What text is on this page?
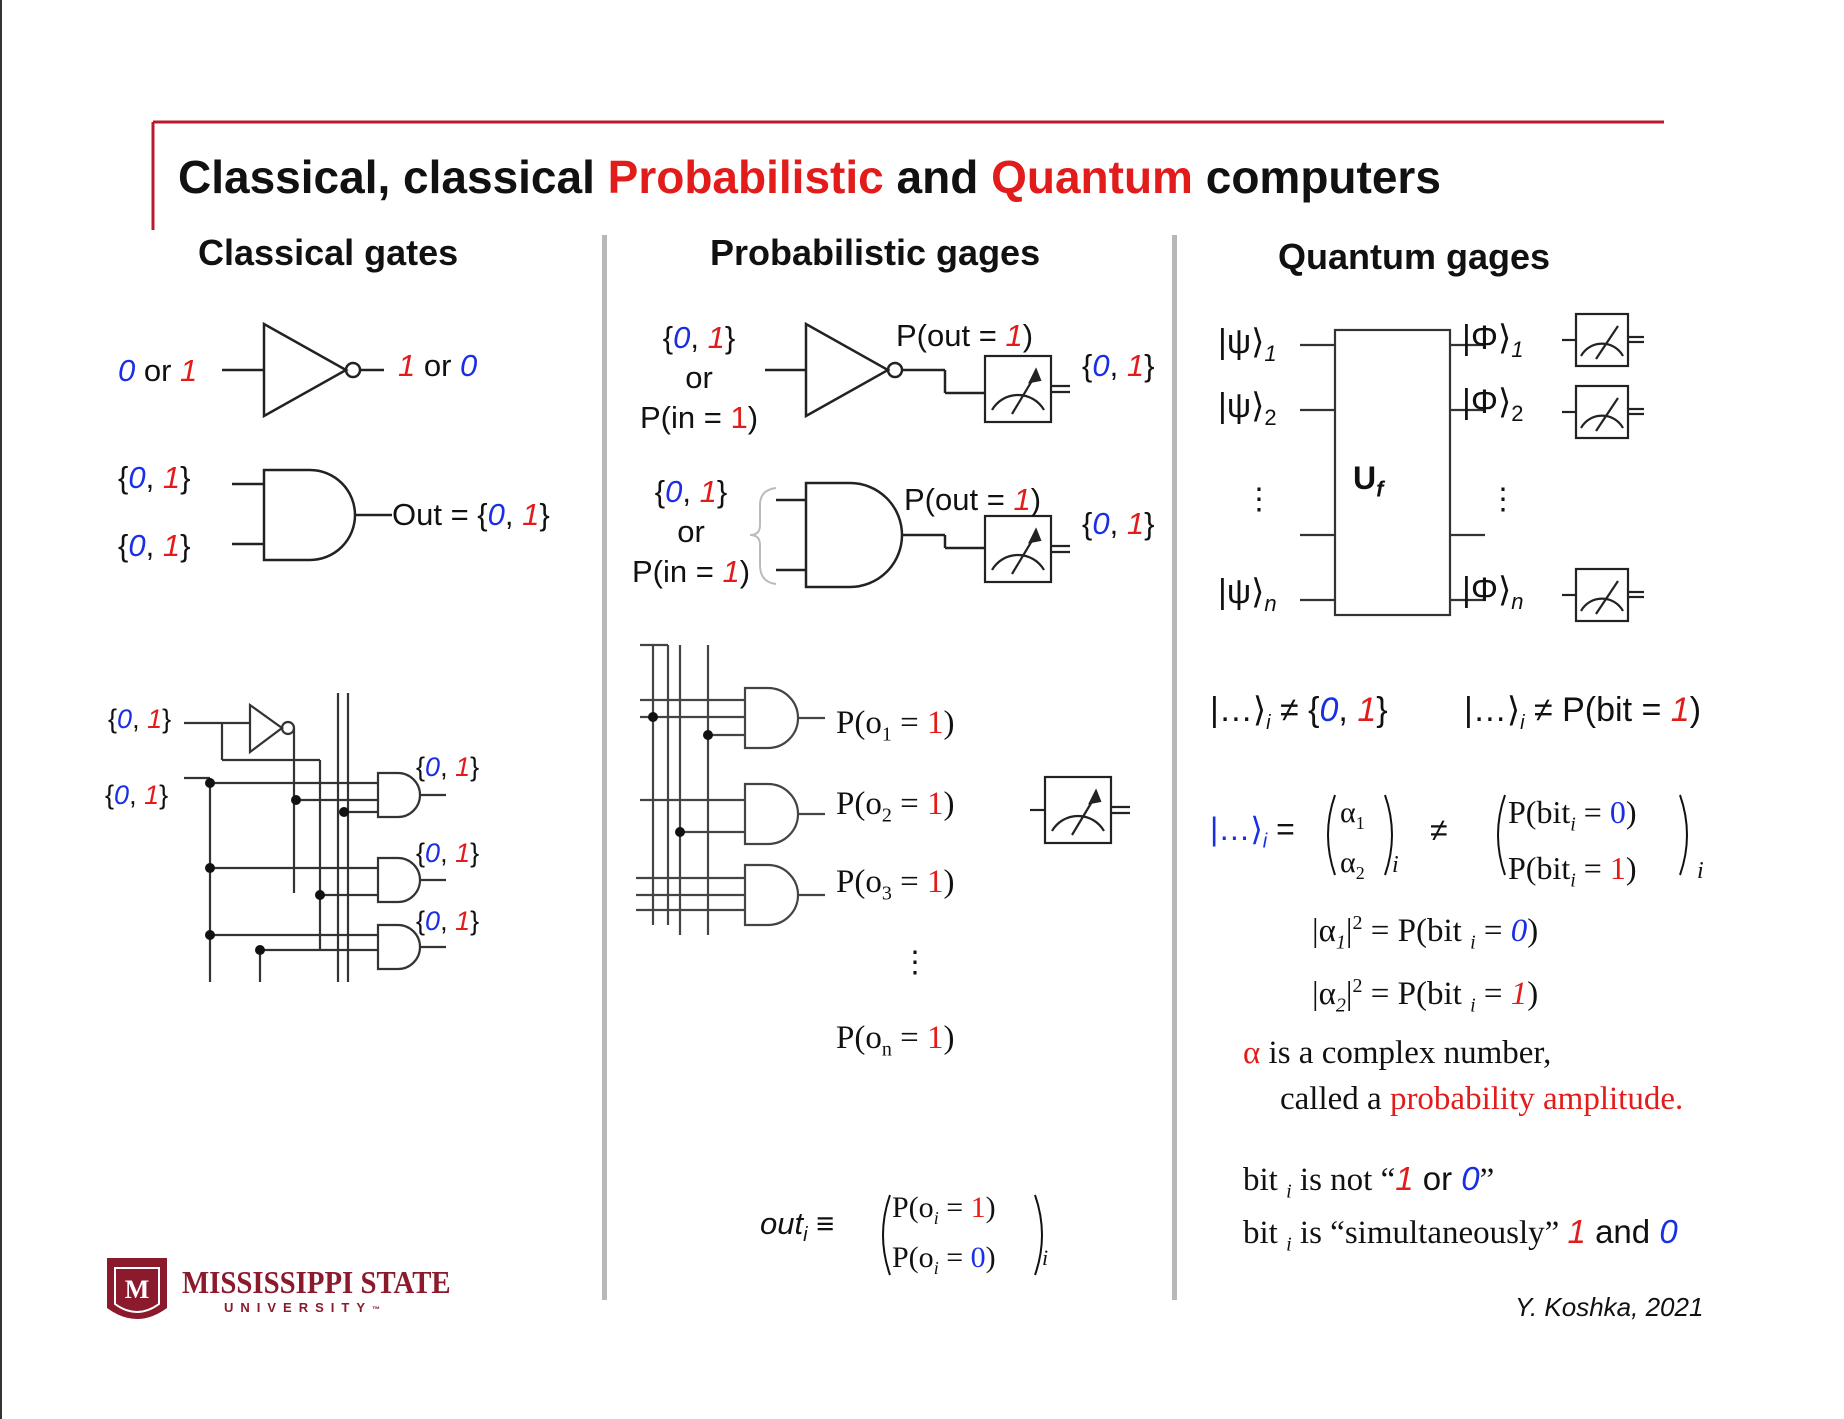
M
Classical, classical Probabilistic and Quantum computers
Classical gates	Probabilistic gages	Quantum gages
0 or 1	1 or 0
{0, 1}
{0, 1}
Out = {0, 1}
{0, 1}
{0, 1}
{0, 1}
{0, 1}
{0, 1}
{0, 1}
or
P(in = 1)
P(out = 1)
{0, 1}
{0, 1}
or
P(in = 1)
P(out = 1)
{0, 1}
$P(o_1 = 1)$
$P(o_2 = 1)$
$P(o_3 = 1)$
⋮
$P(o_n = 1)$
$out_i \equiv P(o_i = 1)$
$P(o_i = 0)$ i
$|\psi⟩_1$
$|\psi⟩_2$
⋮
$|\psi⟩_n$
$|\Phi⟩_1$
$|\Phi⟩_2$
⋮
$|\Phi⟩_n$
$U_f$
$|\dots⟩_i \ne \{0$, 1} $|\dots⟩_i \ne P(bit = 1)$
$|\dots⟩_i = \alpha_1$
$\alpha_2$ i
≠ P(bit$_i$ = 0)
P(bit$_i$ = 1)	i
$|\alpha_1|^2 = P(bit$ $_i$ = 0)
$|\alpha_2|^2 = P(bit$ $_i$ = 1)
α is a complex number,
called a probability amplitude.
bit $_i$ is not “1 or 0”
bit $_i$ is “simultaneously” 1 and 0
MISSISSIPPI STATE
UNIVERSITY™	Y. Koshka, 2021
